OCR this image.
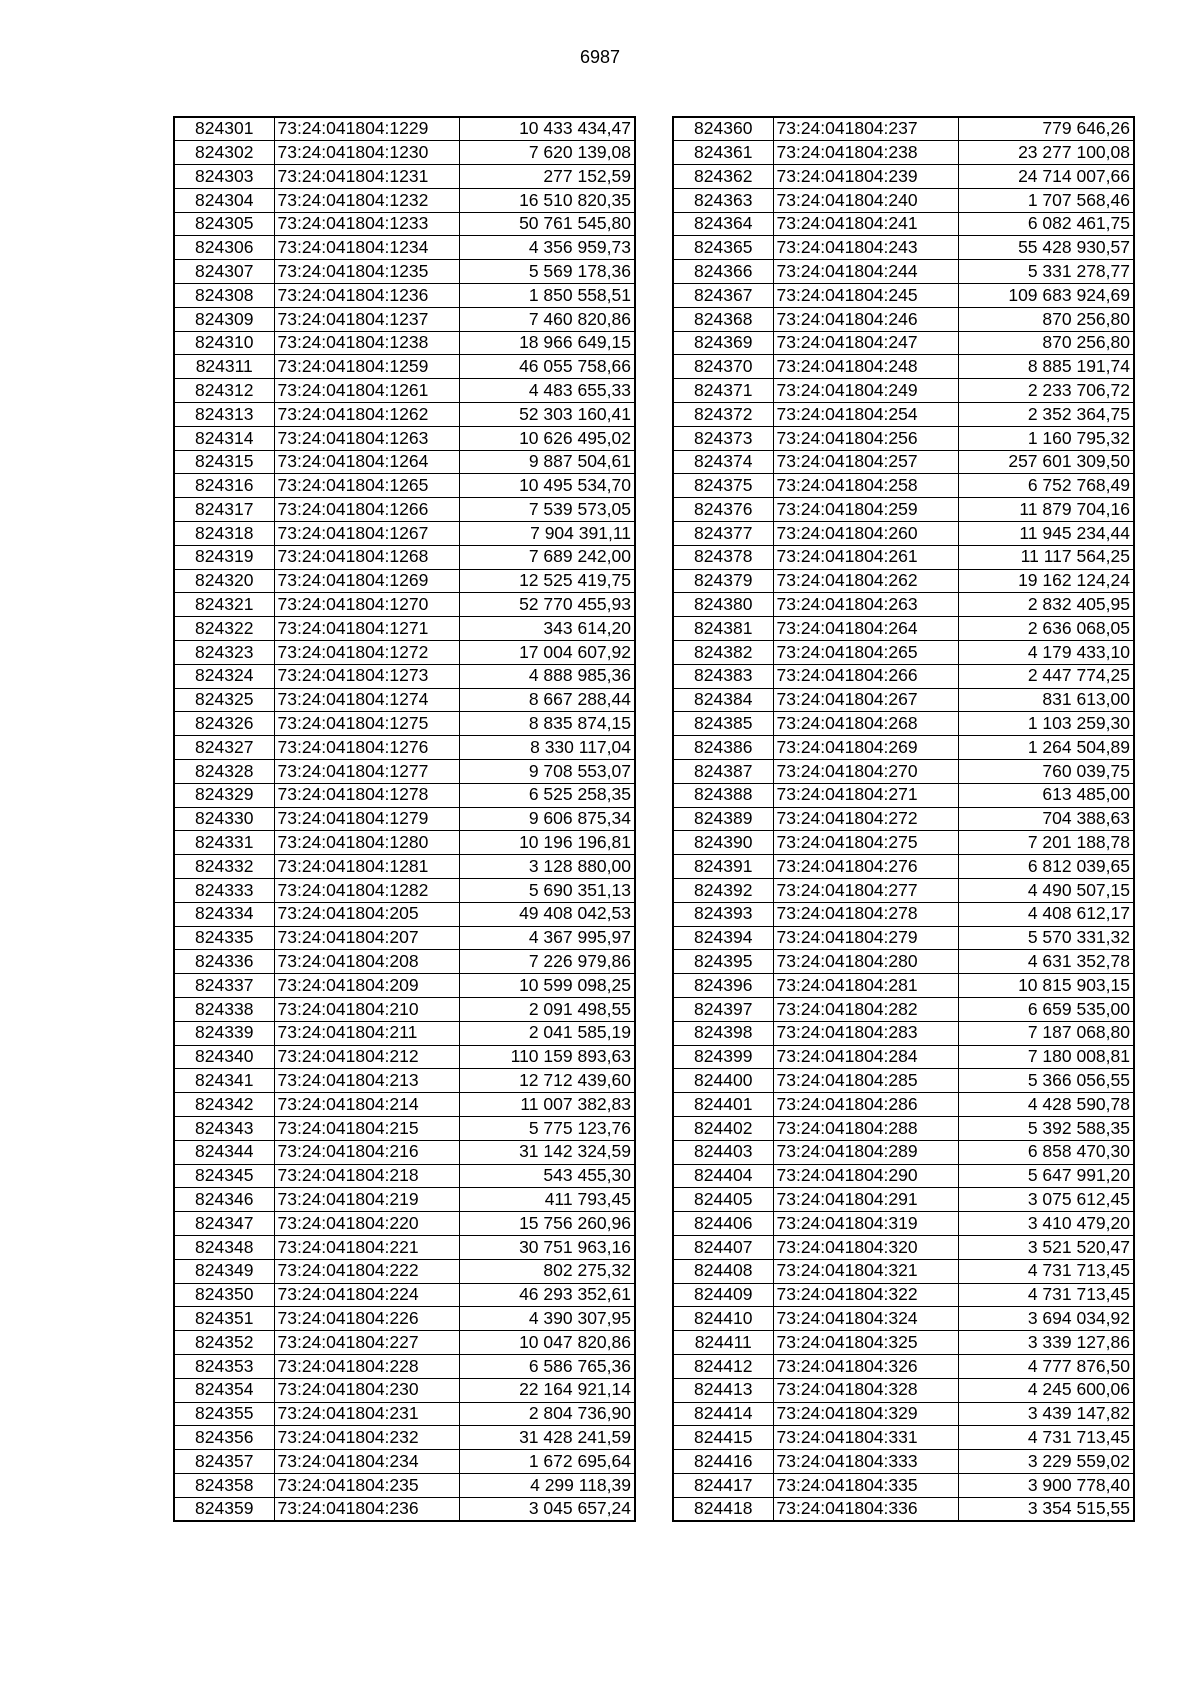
6987
824301	73:24:041804:1229	10 433 434,47
824302	73:24:041804:1230	7 620 139,08
824303	73:24:041804:1231	277 152,59
824304	73:24:041804:1232	16 510 820,35
824305	73:24:041804:1233	50 761 545,80
824306	73:24:041804:1234	4 356 959,73
824307	73:24:041804:1235	5 569 178,36
824308	73:24:041804:1236	1 850 558,51
824309	73:24:041804:1237	7 460 820,86
824310	73:24:041804:1238	18 966 649,15
824311	73:24:041804:1259	46 055 758,66
824312	73:24:041804:1261	4 483 655,33
824313	73:24:041804:1262	52 303 160,41
824314	73:24:041804:1263	10 626 495,02
824315	73:24:041804:1264	9 887 504,61
824316	73:24:041804:1265	10 495 534,70
824317	73:24:041804:1266	7 539 573,05
824318	73:24:041804:1267	7 904 391,11
824319	73:24:041804:1268	7 689 242,00
824320	73:24:041804:1269	12 525 419,75
824321	73:24:041804:1270	52 770 455,93
824322	73:24:041804:1271	343 614,20
824323	73:24:041804:1272	17 004 607,92
824324	73:24:041804:1273	4 888 985,36
824325	73:24:041804:1274	8 667 288,44
824326	73:24:041804:1275	8 835 874,15
824327	73:24:041804:1276	8 330 117,04
824328	73:24:041804:1277	9 708 553,07
824329	73:24:041804:1278	6 525 258,35
824330	73:24:041804:1279	9 606 875,34
824331	73:24:041804:1280	10 196 196,81
824332	73:24:041804:1281	3 128 880,00
824333	73:24:041804:1282	5 690 351,13
824334	73:24:041804:205	49 408 042,53
824335	73:24:041804:207	4 367 995,97
824336	73:24:041804:208	7 226 979,86
824337	73:24:041804:209	10 599 098,25
824338	73:24:041804:210	2 091 498,55
824339	73:24:041804:211	2 041 585,19
824340	73:24:041804:212	110 159 893,63
824341	73:24:041804:213	12 712 439,60
824342	73:24:041804:214	11 007 382,83
824343	73:24:041804:215	5 775 123,76
824344	73:24:041804:216	31 142 324,59
824345	73:24:041804:218	543 455,30
824346	73:24:041804:219	411 793,45
824347	73:24:041804:220	15 756 260,96
824348	73:24:041804:221	30 751 963,16
824349	73:24:041804:222	802 275,32
824350	73:24:041804:224	46 293 352,61
824351	73:24:041804:226	4 390 307,95
824352	73:24:041804:227	10 047 820,86
824353	73:24:041804:228	6 586 765,36
824354	73:24:041804:230	22 164 921,14
824355	73:24:041804:231	2 804 736,90
824356	73:24:041804:232	31 428 241,59
824357	73:24:041804:234	1 672 695,64
824358	73:24:041804:235	4 299 118,39
824359	73:24:041804:236	3 045 657,24
824360	73:24:041804:237	779 646,26
824361	73:24:041804:238	23 277 100,08
824362	73:24:041804:239	24 714 007,66
824363	73:24:041804:240	1 707 568,46
824364	73:24:041804:241	6 082 461,75
824365	73:24:041804:243	55 428 930,57
824366	73:24:041804:244	5 331 278,77
824367	73:24:041804:245	109 683 924,69
824368	73:24:041804:246	870 256,80
824369	73:24:041804:247	870 256,80
824370	73:24:041804:248	8 885 191,74
824371	73:24:041804:249	2 233 706,72
824372	73:24:041804:254	2 352 364,75
824373	73:24:041804:256	1 160 795,32
824374	73:24:041804:257	257 601 309,50
824375	73:24:041804:258	6 752 768,49
824376	73:24:041804:259	11 879 704,16
824377	73:24:041804:260	11 945 234,44
824378	73:24:041804:261	11 117 564,25
824379	73:24:041804:262	19 162 124,24
824380	73:24:041804:263	2 832 405,95
824381	73:24:041804:264	2 636 068,05
824382	73:24:041804:265	4 179 433,10
824383	73:24:041804:266	2 447 774,25
824384	73:24:041804:267	831 613,00
824385	73:24:041804:268	1 103 259,30
824386	73:24:041804:269	1 264 504,89
824387	73:24:041804:270	760 039,75
824388	73:24:041804:271	613 485,00
824389	73:24:041804:272	704 388,63
824390	73:24:041804:275	7 201 188,78
824391	73:24:041804:276	6 812 039,65
824392	73:24:041804:277	4 490 507,15
824393	73:24:041804:278	4 408 612,17
824394	73:24:041804:279	5 570 331,32
824395	73:24:041804:280	4 631 352,78
824396	73:24:041804:281	10 815 903,15
824397	73:24:041804:282	6 659 535,00
824398	73:24:041804:283	7 187 068,80
824399	73:24:041804:284	7 180 008,81
824400	73:24:041804:285	5 366 056,55
824401	73:24:041804:286	4 428 590,78
824402	73:24:041804:288	5 392 588,35
824403	73:24:041804:289	6 858 470,30
824404	73:24:041804:290	5 647 991,20
824405	73:24:041804:291	3 075 612,45
824406	73:24:041804:319	3 410 479,20
824407	73:24:041804:320	3 521 520,47
824408	73:24:041804:321	4 731 713,45
824409	73:24:041804:322	4 731 713,45
824410	73:24:041804:324	3 694 034,92
824411	73:24:041804:325	3 339 127,86
824412	73:24:041804:326	4 777 876,50
824413	73:24:041804:328	4 245 600,06
824414	73:24:041804:329	3 439 147,82
824415	73:24:041804:331	4 731 713,45
824416	73:24:041804:333	3 229 559,02
824417	73:24:041804:335	3 900 778,40
824418	73:24:041804:336	3 354 515,55
